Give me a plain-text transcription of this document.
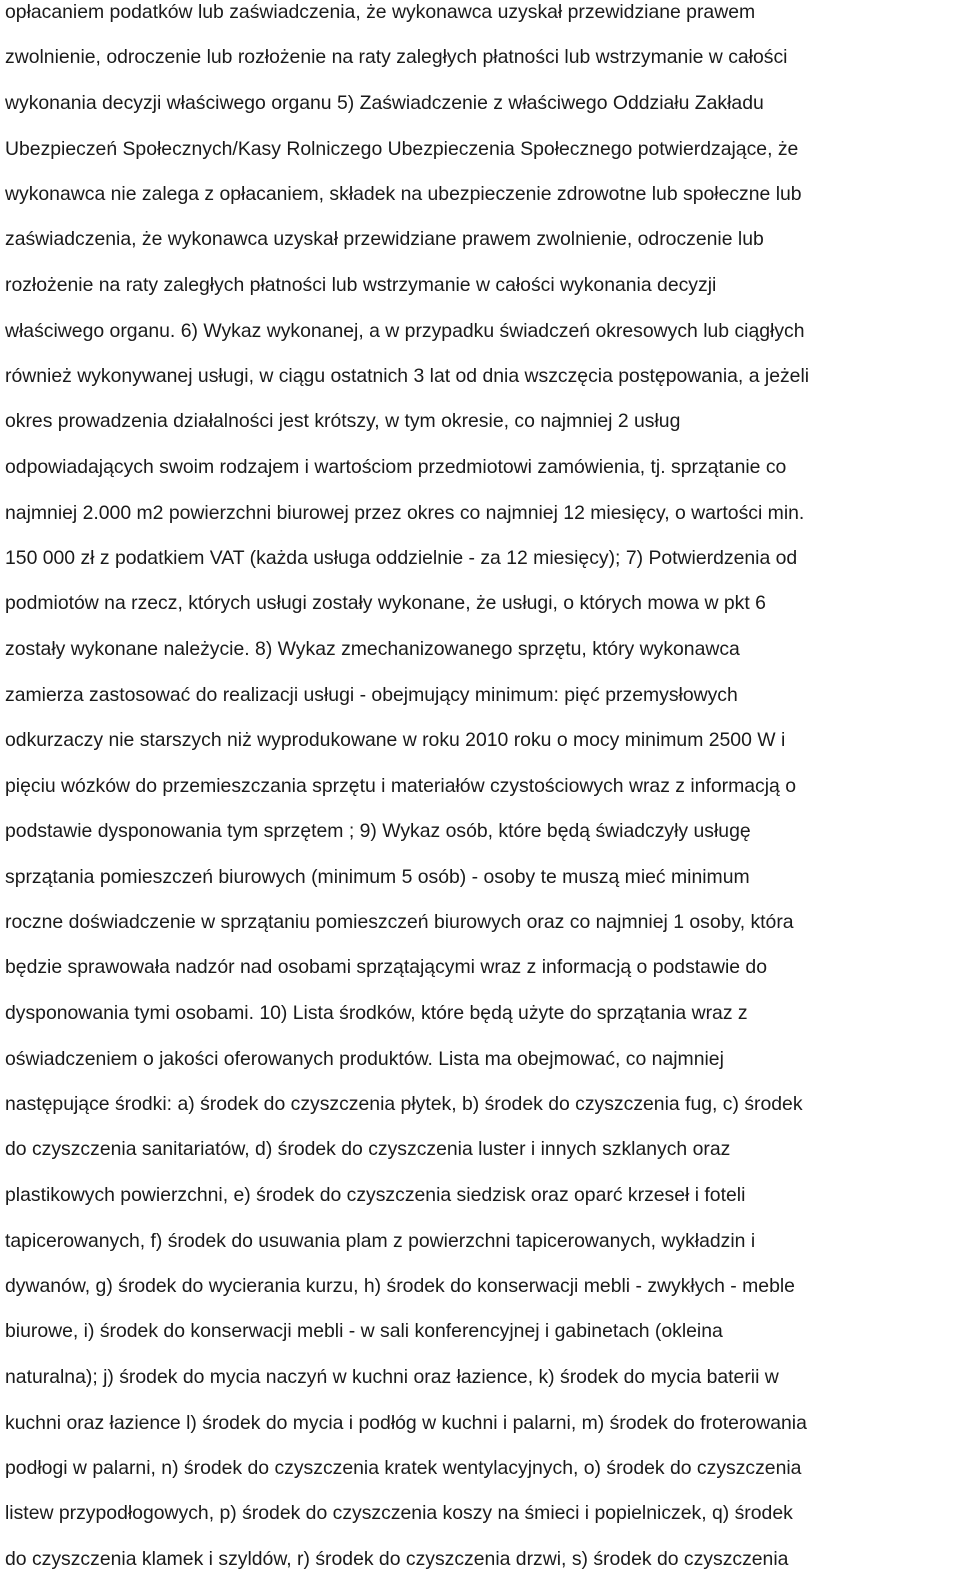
opłacaniem podatków lub zaświadczenia, że wykonawca uzyskał przewidziane prawem
zwolnienie, odroczenie lub rozłożenie na raty zaległych płatności lub wstrzymanie w całości
wykonania decyzji właściwego organu 5) Zaświadczenie z właściwego Oddziału Zakładu
Ubezpieczeń Społecznych/Kasy Rolniczego Ubezpieczenia Społecznego potwierdzające, że
wykonawca nie zalega z opłacaniem, składek na ubezpieczenie zdrowotne lub społeczne lub
zaświadczenia, że wykonawca uzyskał przewidziane prawem zwolnienie, odroczenie lub
rozłożenie na raty zaległych płatności lub wstrzymanie w całości wykonania decyzji
właściwego organu. 6) Wykaz wykonanej, a w przypadku świadczeń okresowych lub ciągłych
również wykonywanej usługi, w ciągu ostatnich 3 lat od dnia wszczęcia postępowania, a jeżeli
okres prowadzenia działalności jest krótszy, w tym okresie, co najmniej 2 usług
odpowiadających swoim rodzajem i wartościom przedmiotowi zamówienia, tj. sprzątanie co
najmniej 2.000 m2 powierzchni biurowej przez okres co najmniej 12 miesięcy, o wartości min.
150 000 zł z podatkiem VAT (każda usługa oddzielnie - za 12 miesięcy); 7) Potwierdzenia od
podmiotów na rzecz, których usługi zostały wykonane, że usługi, o których mowa w pkt 6
zostały wykonane należycie. 8) Wykaz zmechanizowanego sprzętu, który wykonawca
zamierza zastosować do realizacji usługi - obejmujący minimum: pięć przemysłowych
odkurzaczy nie starszych niż wyprodukowane w roku 2010 roku o mocy minimum 2500 W i
pięciu wózków do przemieszczania sprzętu i materiałów czystościowych wraz z informacją o
podstawie dysponowania tym sprzętem ; 9) Wykaz osób, które będą świadczyły usługę
sprzątania pomieszczeń biurowych (minimum 5 osób) - osoby te muszą mieć minimum
roczne doświadczenie w sprzątaniu pomieszczeń biurowych oraz co najmniej 1 osoby, która
będzie sprawowała nadzór nad osobami sprzątającymi wraz z informacją o podstawie do
dysponowania tymi osobami. 10) Lista środków, które będą użyte do sprzątania wraz z
oświadczeniem o jakości oferowanych produktów. Lista ma obejmować, co najmniej
następujące środki: a) środek do czyszczenia płytek, b) środek do czyszczenia fug, c) środek
do czyszczenia sanitariatów, d) środek do czyszczenia luster i innych szklanych oraz
plastikowych powierzchni, e) środek do czyszczenia siedzisk oraz oparć krzeseł i foteli
tapicerowanych, f) środek do usuwania plam z powierzchni tapicerowanych, wykładzin i
dywanów, g) środek do wycierania kurzu, h) środek do konserwacji mebli - zwykłych - meble
biurowe, i) środek do konserwacji mebli - w sali konferencyjnej i gabinetach (okleina
naturalna); j) środek do mycia naczyń w kuchni oraz łazience, k) środek do mycia baterii w
kuchni oraz łazience l) środek do mycia i podłóg w kuchni i palarni, m) środek do froterowania
podłogi w palarni, n) środek do czyszczenia kratek wentylacyjnych, o) środek do czyszczenia
listew przypodłogowych, p) środek do czyszczenia koszy na śmieci i popielniczek, q) środek
do czyszczenia klamek i szyldów, r) środek do czyszczenia drzwi, s) środek do czyszczenia
